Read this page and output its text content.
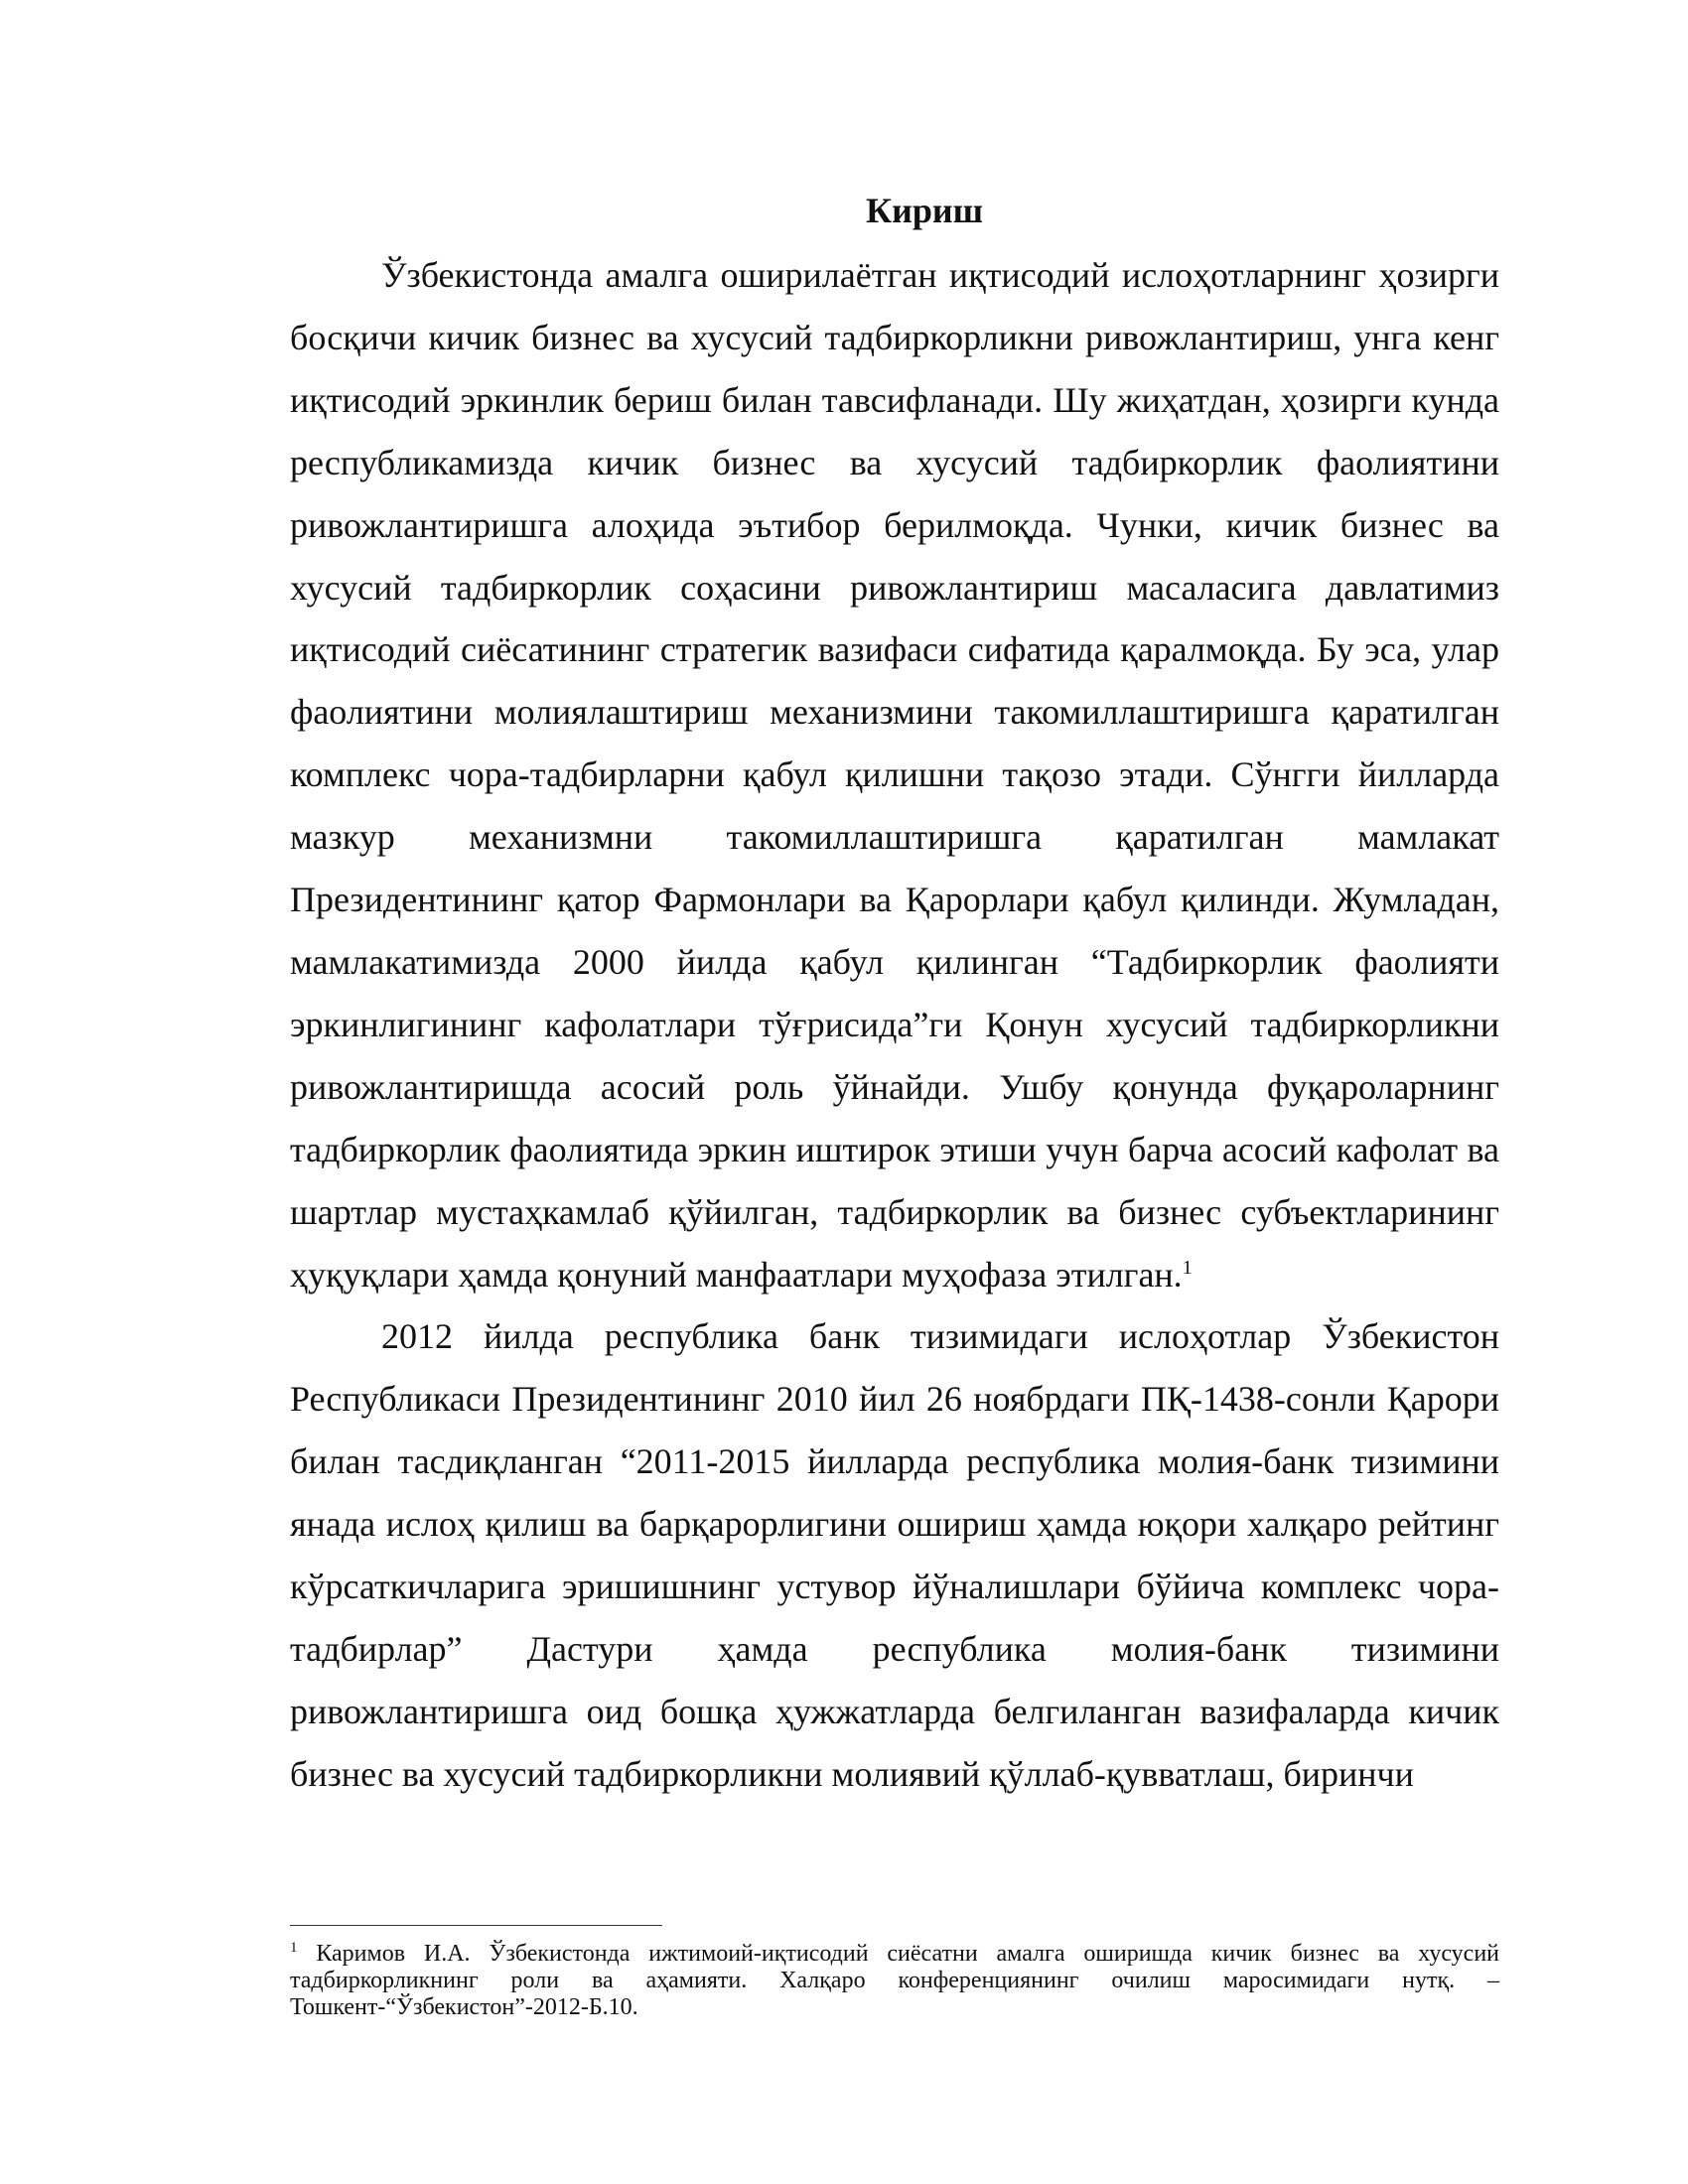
Кириш

Ўзбекистонда амалга оширилаётган иқтисодий ислоҳотларнинг ҳозирги босқичи кичик бизнес ва хусусий тадбиркорликни ривожлантириш, унга кенг иқтисодий эркинлик бериш билан тавсифланади. Шу жиҳатдан, ҳозирги кунда республикамизда кичик бизнес ва хусусий тадбиркорлик фаолиятини ривожлантиришга алоҳида эътибор берилмоқда. Чунки, кичик бизнес ва хусусий тадбиркорлик соҳасини ривожлантириш масаласига давлатимиз иқтисодий сиёсатининг стратегик вазифаси сифатида қаралмоқда. Бу эса, улар фаолиятини молиялаштириш механизмини такомиллаштиришга қаратилган комплекс чора-тадбирларни қабул қилишни тақозо этади. Сўнгги йилларда мазкур механизмни такомиллаштиришга қаратилган мамлакат Президентининг қатор Фармонлари ва Қарорлари қабул қилинди. Жумладан, мамлакатимизда 2000 йилда қабул қилинган “Тадбиркорлик фаолияти эркинлигининг кафолатлари тўғрисида”ги Қонун хусусий тадбиркорликни ривожлантиришда асосий роль ўйнайди. Ушбу қонунда фуқароларнинг тадбиркорлик фаолиятида эркин иштирок этиши учун барча асосий кафолат ва шартлар мустаҳкамлаб қўйилган, тадбиркорлик ва бизнес субъектларининг ҳуқуқлари ҳамда қонуний манфаатлари муҳофаза этилган.$^1$

2012 йилда республика банк тизимидаги ислоҳотлар Ўзбекистон Республикаси Президентининг 2010 йил 26 ноябрдаги ПҚ-1438-сонли Қарори билан тасдиқланган “2011-2015 йилларда республика молия-банк тизимини янада ислоҳ қилиш ва барқарорлигини ошириш ҳамда юқори халқаро рейтинг кўрсаткичларига эришишнинг устувор йўналишлари бўйича комплекс чора-тадбирлар” Дастури ҳамда республика молия-банк тизимини ривожлантиришга оид бошқа ҳужжатларда белгиланган вазифаларда кичик бизнес ва хусусий тадбиркорликни молиявий қўллаб-қувватлаш, биринчи

$^1$ Каримов И.А. Ўзбекистонда ижтимоий-иқтисодий сиёсатни амалга оширишда кичик бизнес ва хусусий тадбиркорликнинг роли ва аҳамияти. Халқаро конференциянинг очилиш маросимидаги нутқ. –Тошкент-“Ўзбекистон”-2012-Б.10.
